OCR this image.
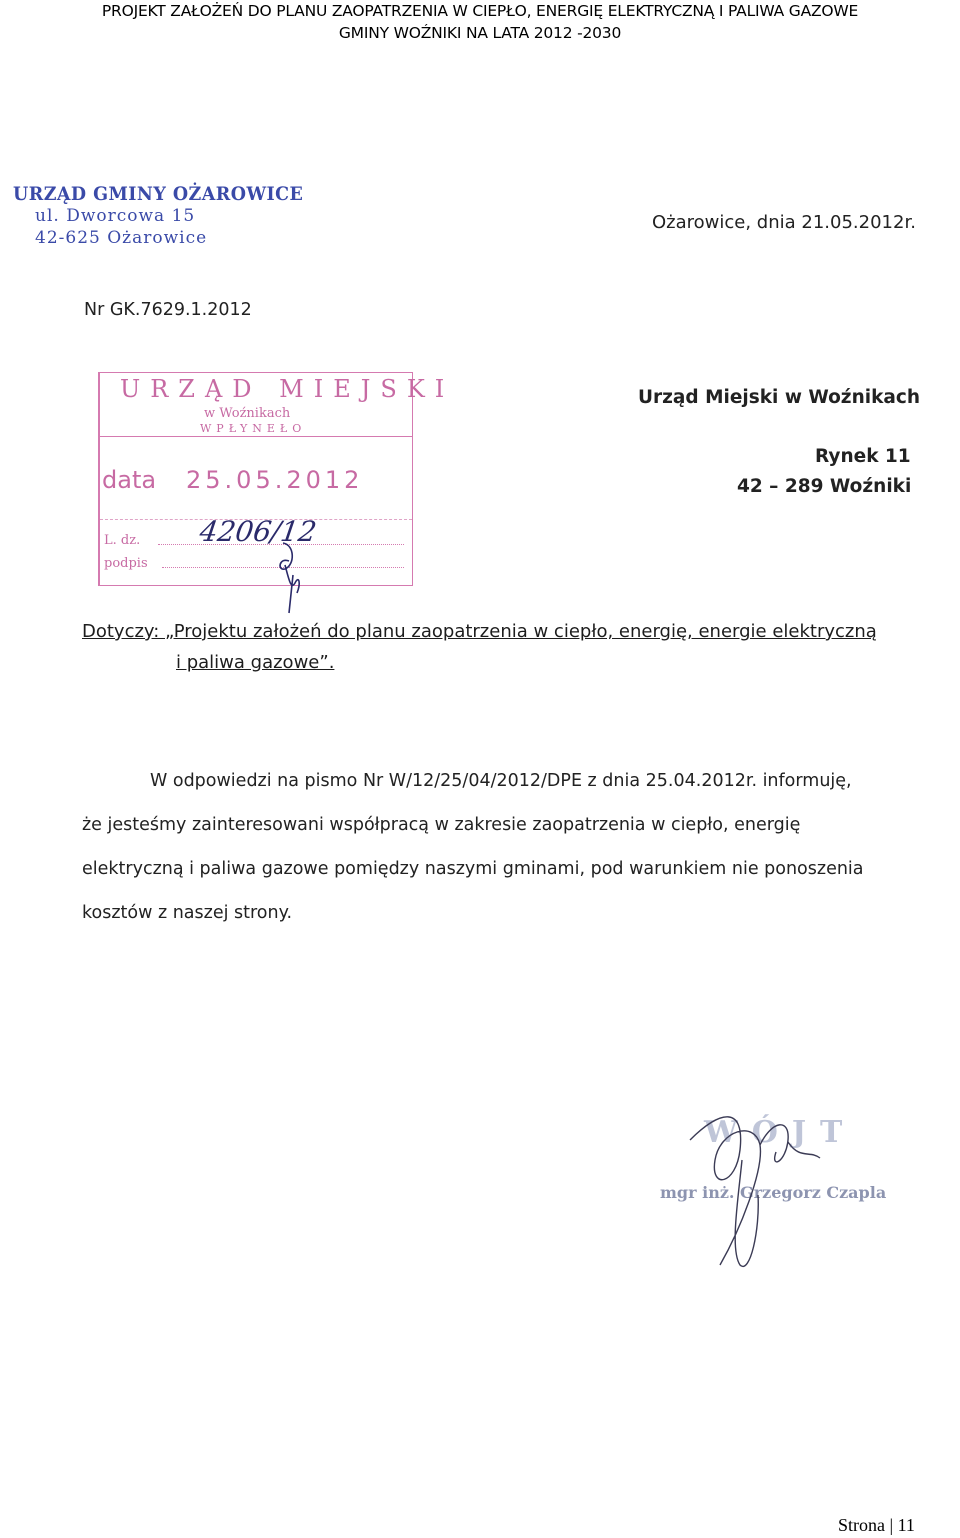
PROJEKT ZAŁOŻEŃ DO PLANU ZAOPATRZENIA W CIEPŁO, ENERGIĘ ELEKTRYCZNĄ I PALIWA GAZOWE
GMINY WOŹNIKI NA LATA 2012 -2030
URZĄD GMINY OŻAROWICE
ul. Dworcowa 15
42-625 Ożarowice
Ożarowice, dnia 21.05.2012r.
Nr GK.7629.1.2012
URZĄD MIEJSKI
w Woźnikach
WPŁYNEŁO
data 25.05.2012
L. dz.
podpis
4206/12
Urząd Miejski w Woźnikach
Rynek 11
42 – 289 Woźniki
Dotyczy: „Projektu założeń do planu zaopatrzenia w ciepło, energię, energie elektryczną
i paliwa gazowe”.
W odpowiedzi na pismo Nr W/12/25/04/2012/DPE z dnia 25.04.2012r. informuję,
że jesteśmy zainteresowani współpracą w zakresie zaopatrzenia w ciepło, energię
elektryczną i paliwa gazowe pomiędzy naszymi gminami, pod warunkiem nie ponoszenia
kosztów z naszej strony.
WÓJT
mgr inż. Grzegorz Czapla
Strona | 11
